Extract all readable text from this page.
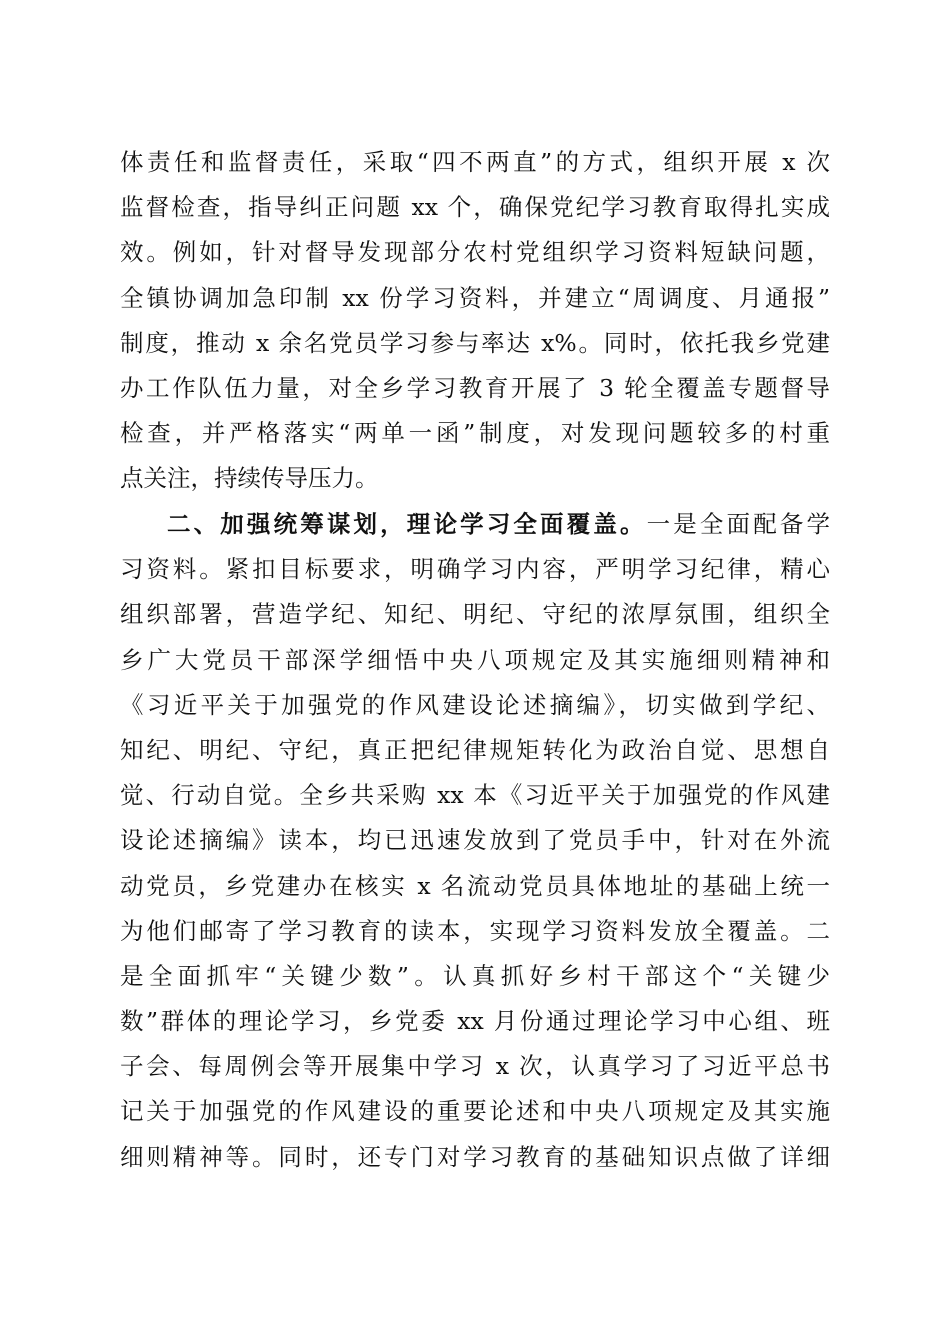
体责任和监督责任，采取“四不两直”的方式，组织开展 x 次
监督检查，指导纠正问题 xx 个，确保党纪学习教育取得扎实成
效。例如，针对督导发现部分农村党组织学习资料短缺问题，
全镇协调加急印制 xx 份学习资料，并建立“周调度、月通报”
制度，推动 x 余名党员学习参与率达 x%。同时，依托我乡党建
办工作队伍力量，对全乡学习教育开展了 3 轮全覆盖专题督导
检查，并严格落实“两单一函”制度，对发现问题较多的村重
点关注，持续传导压力。
二、加强统筹谋划，理论学习全面覆盖。一是全面配备学
习资料。紧扣目标要求，明确学习内容，严明学习纪律，精心
组织部署，营造学纪、知纪、明纪、守纪的浓厚氛围，组织全
乡广大党员干部深学细悟中央八项规定及其实施细则精神和
《习近平关于加强党的作风建设论述摘编》，切实做到学纪、
知纪、明纪、守纪，真正把纪律规矩转化为政治自觉、思想自
觉、行动自觉。全乡共采购 xx 本《习近平关于加强党的作风建
设论述摘编》读本，均已迅速发放到了党员手中，针对在外流
动党员，乡党建办在核实 x 名流动党员具体地址的基础上统一
为他们邮寄了学习教育的读本，实现学习资料发放全覆盖。二
是全面抓牢“关键少数”。认真抓好乡村干部这个“关键少
数”群体的理论学习，乡党委 xx 月份通过理论学习中心组、班
子会、每周例会等开展集中学习 x 次，认真学习了习近平总书
记关于加强党的作风建设的重要论述和中央八项规定及其实施
细则精神等。同时，还专门对学习教育的基础知识点做了详细
